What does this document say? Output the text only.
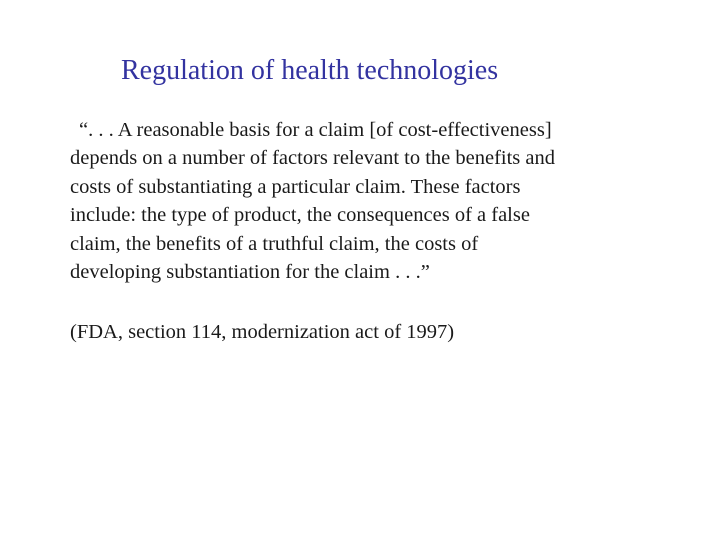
Regulation of health technologies
“. . . A reasonable basis for a claim [of cost-effectiveness]
depends on a number of factors relevant to the benefits and
costs of substantiating a particular claim. These factors
include: the type of product, the consequences of a false
claim, the benefits of a truthful claim, the costs of
developing substantiation for the claim . . .”
(FDA, section 114, modernization act of 1997)
